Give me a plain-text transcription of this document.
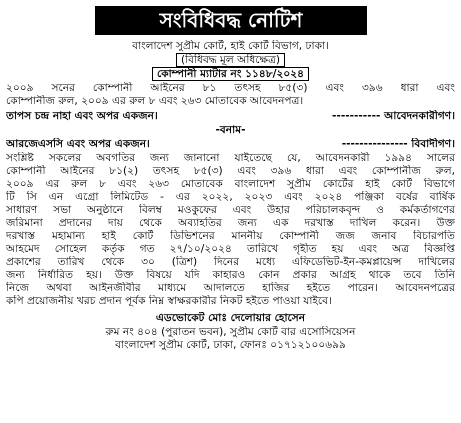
সংবিধিবদ্ধ নোটিশ
বাংলাদেশ সুপ্রীম কোর্ট, হাই কোর্ট বিভাগ, ঢাকা।
(বিধিবদ্ধ মূল অধিক্ষেত্র)
কোম্পানী ম্যাটার নং ১১৪৮/২০২৪
২০০৯ সনের কোম্পানী আইনের ৮১ তৎসহ ৮৫(৩) এবং ৩৯৬ ধারা এবং
কোম্পানীজ রুল, ২০০৯ এর রুল ৮ এবং ২৬৩ মোতাবেক আবেদনপত্র।
তাপস চন্দ্র নাহা এবং অপর একজন।	----------- আবেদনকারীগণ।
-বনাম-
আরজেএসসি এবং অপর একজন।	--------------- বিবাদীগণ।
সংশ্লিষ্ট সকলের অবগতির জন্য জানানো যাইতেছে যে, আবেদনকারী ১৯৯৪ সালের
কোম্পানী আইনের ৮১(২) তৎসহ ৮৫(৩) এবং ৩৯৬ ধারা এবং কোম্পানীজ রুল,
২০০৯ এর রুল ৮ এবং ২৬৩ মোতাবেক বাংলাদেশ সুপ্রীম কোর্টের হাই কোর্ট বিভাগে
টি সি এন এগ্রো লিমিটেড - এর ২০২২, ২০২৩ এবং ২০২৪ পঞ্জিকা বর্ষের বার্ষিক
সাধারণ সভা অনুষ্ঠানে বিলম্ব মওকুফের এবং উহার পরিচালকবৃন্দ ও কর্মকর্তাগণের
জরিমানা প্রদানের দায় থেকে অব্যাহতির জন্য এক দরখাস্ত দাখিল করেন। উক্ত
দরখাস্ত মহামান্য হাই কোর্ট ডিভিশনের মাননীয় কোম্পানী জজ জনাব বিচারপতি
আহমেদ সোহেল কর্তৃক গত ২৭/১০/২০২৪ তারিখে গৃহীত হয় এবং অত্র বিজ্ঞপ্তি
প্রকাশের তারিখ থেকে ৩০ (ত্রিশ) দিনের মধ্যে এফিডেভিট-ইন-কমপ্লায়েন্স দাখিলের
জন্য নির্ধারিত হয়। উক্ত বিষয়ে যদি কাহারও কোন প্রকার আগ্রহ থাকে তবে তিনি
নিজে অথবা আইনজীবীর মাধ্যমে আদালতে হাজির হইতে পারেন। আবেদনপত্রের
কপি প্রয়োজনীয় খরচ প্রদান পূর্বক নিম্ন স্বাক্ষরকারীর নিকট হইতে পাওয়া যাইবে।
এডভোকেট মোঃ দেলোয়ার হোসেন
রুম নং ৪০৪ (পুরাতন ভবন), সুপ্রীম কোর্ট বার এসোসিয়েসন
বাংলাদেশ সুপ্রীম কোর্ট, ঢাকা, ফোনঃ ০১৭১২১০০৬৯৯
